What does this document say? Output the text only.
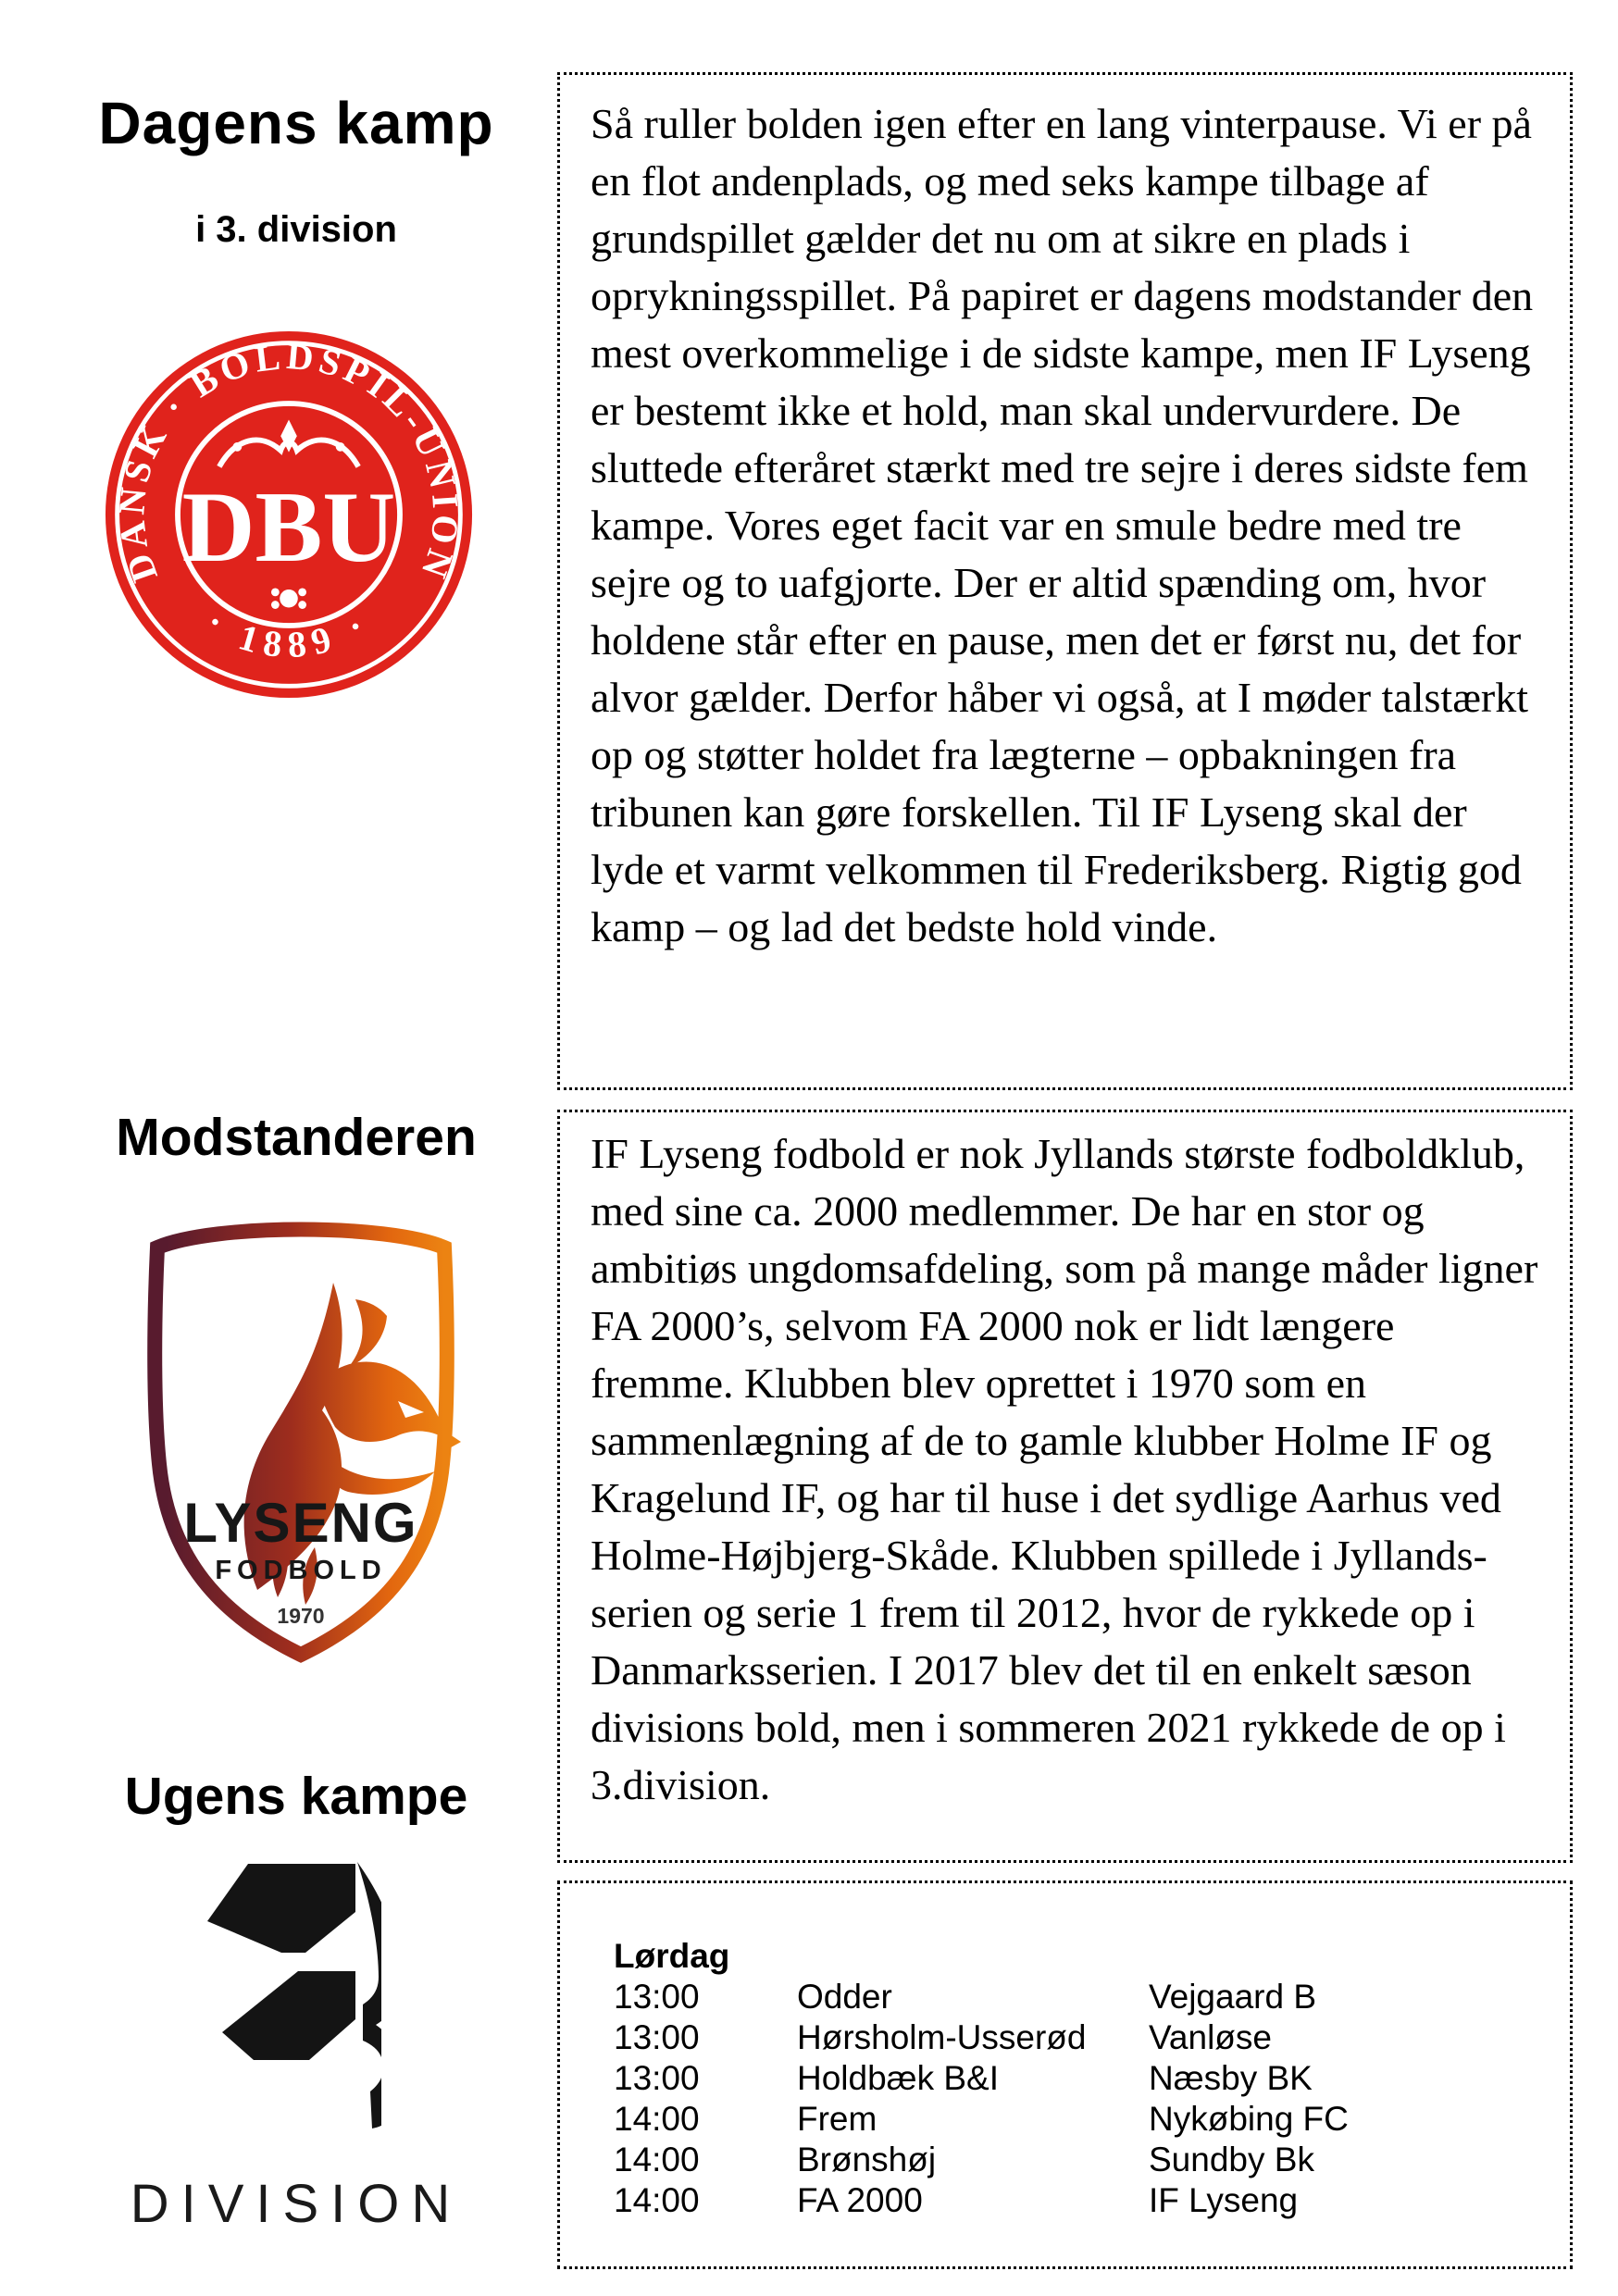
Dagens kamp
i 3. division
DANSK · BOLDSPIL-UNION
· 1889 ·
DBU
Modstanderen
LYSENG
FODBOLD
1970
Ugens kampe
DIVISION

Så ruller bolden igen efter en lang vinterpause. Vi er på en flot andenplads, og med seks kampe tilbage af grundspillet gælder det nu om at sikre en plads i oprykningsspillet. På papiret er dagens modstander den mest overkommelige i de sidste kampe, men IF Lyseng er bestemt ikke et hold, man skal undervurdere. De sluttede efteråret stærkt med tre sejre i deres sidste fem kampe. Vores eget facit var en smule bedre med tre sejre og to uafgjorte. Der er altid spænding om, hvor holdene står efter en pause, men det er først nu, det for alvor gælder. Derfor håber vi også, at I møder talstærkt op og støtter holdet fra lægterne – opbakningen fra tribunen kan gøre forskellen. Til IF Lyseng skal der lyde et varmt velkommen til Frederiksberg. Rigtig god kamp – og lad det bedste hold vinde.

IF Lyseng fodbold er nok Jyllands største fodboldklub, med sine ca. 2000 medlemmer. De har en stor og ambitiøs ungdomsafdeling, som på mange måder ligner FA 2000’s, selvom FA 2000 nok er lidt længere fremme. Klubben blev oprettet i 1970 som en sammenlægning af de to gamle klubber Holme IF og Kragelund IF, og har til huse i det sydlige Aarhus ved Holme-Højbjerg-Skåde. Klubben spillede i Jyllands-serien og serie 1 frem til 2012, hvor de rykkede op i Danmarksserien. I 2017 blev det til en enkelt sæson divisions bold, men i sommeren 2021 rykkede de op i 3.division.

Lørdag
13:00	Odder	Vejgaard B
13:00	Hørsholm-Usserød	Vanløse
13:00	Holdbæk B&I	Næsby BK
14:00	Frem	Nykøbing FC
14:00	Brønshøj	Sundby Bk
14:00	FA 2000	IF Lyseng
